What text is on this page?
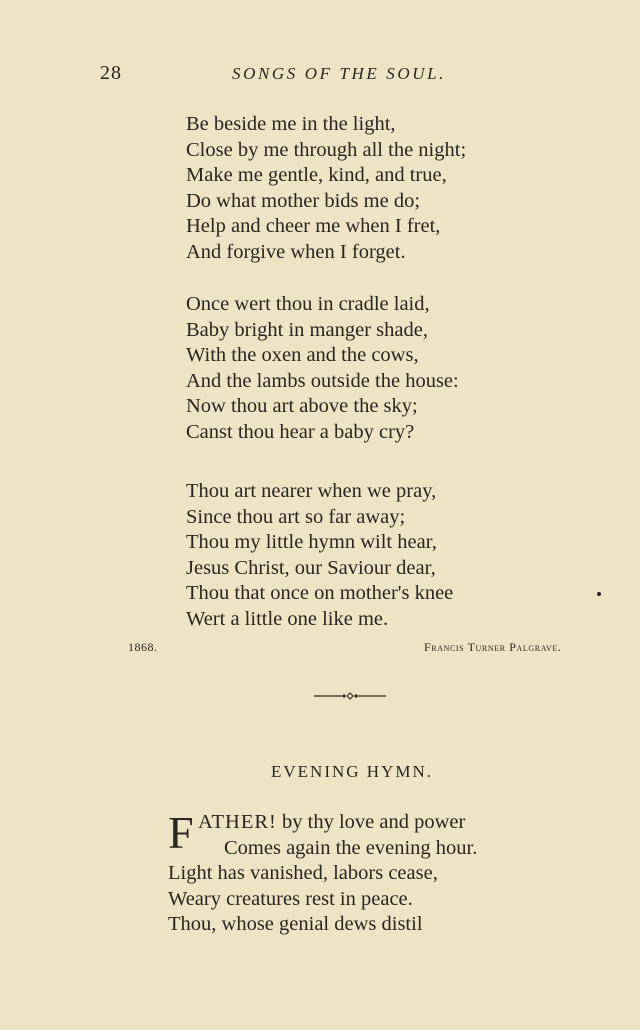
28	SONGS OF THE SOUL.
Be beside me in the light,
Close by me through all the night;
Make me gentle, kind, and true,
Do what mother bids me do;
Help and cheer me when I fret,
And forgive when I forget.
Once wert thou in cradle laid,
Baby bright in manger shade,
With the oxen and the cows,
And the lambs outside the house:
Now thou art above the sky;
Canst thou hear a baby cry?
Thou art nearer when we pray,
Since thou art so far away;
Thou my little hymn wilt hear,
Jesus Christ, our Saviour dear,
Thou that once on mother's knee
Wert a little one like me.
1868.	Francis Turner Palgrave.
EVENING HYMN.
F ATHER! by thy love and power
Comes again the evening hour.
Light has vanished, labors cease,
Weary creatures rest in peace.
Thou, whose genial dews distil
